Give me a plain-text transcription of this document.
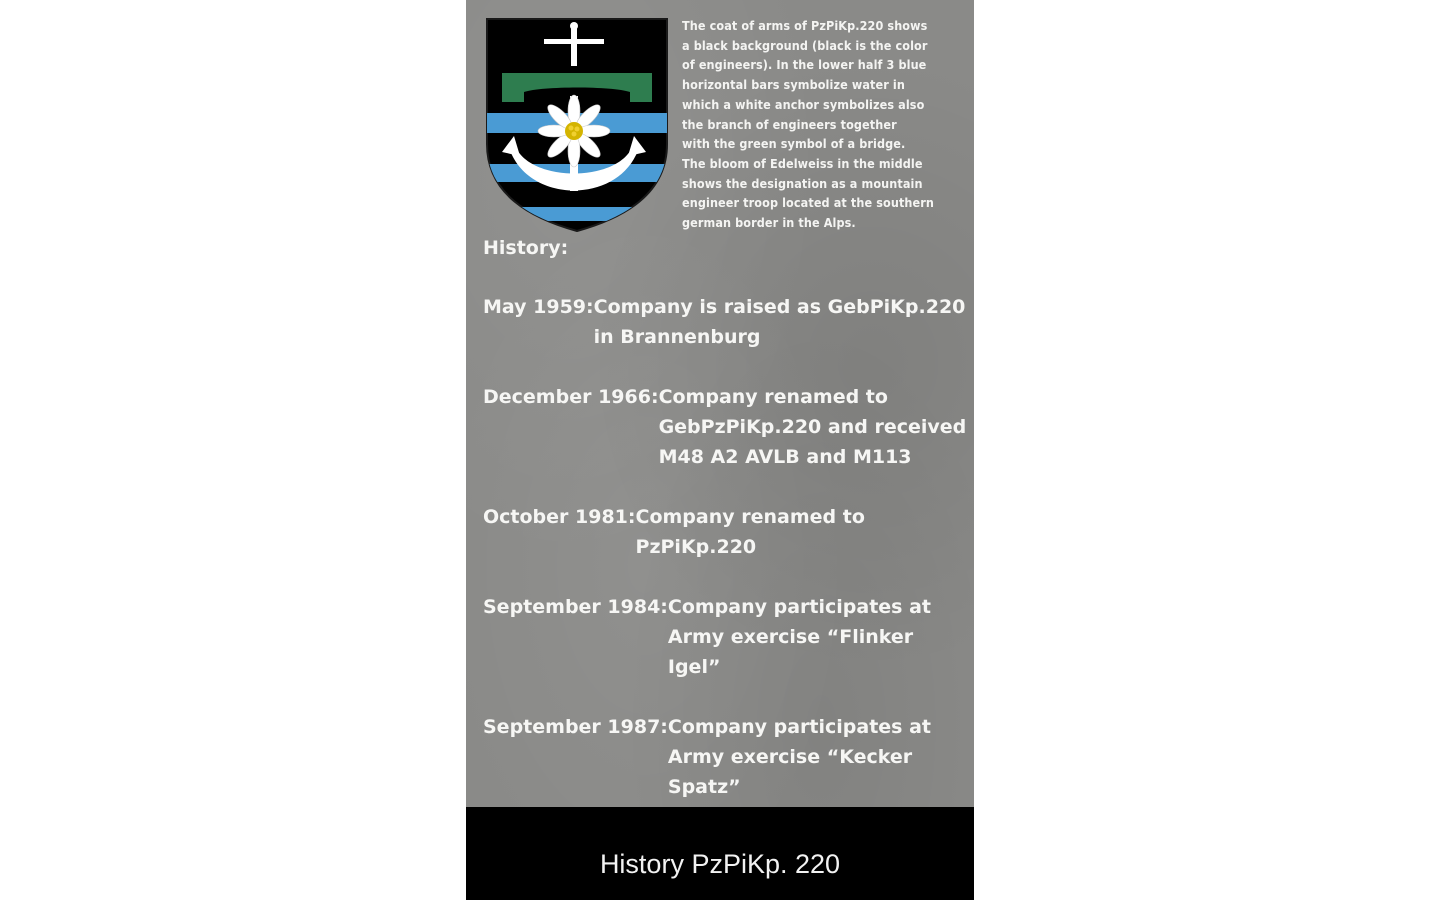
The coat of arms of PzPiKp.220 shows
a black background (black is the color
of engineers). In the lower half 3 blue
horizontal bars symbolize water in
which a white anchor symbolizes also
the branch of engineers together
with the green symbol of a bridge.
The bloom of Edelweiss in the middle
shows the designation as a mountain
engineer troop located at the southern
german border in the Alps.

History:
May 1959: Company is raised as GebPiKp.220
in Brannenburg
December 1966: Company renamed to
GebPzPiKp.220 and received
M48 A2 AVLB and M113
October 1981: Company renamed to
PzPiKp.220
September 1984: Company participates at
Army exercise “Flinker Igel”
September 1987: Company participates at
Army exercise “Kecker Spatz”
History PzPiKp. 220
